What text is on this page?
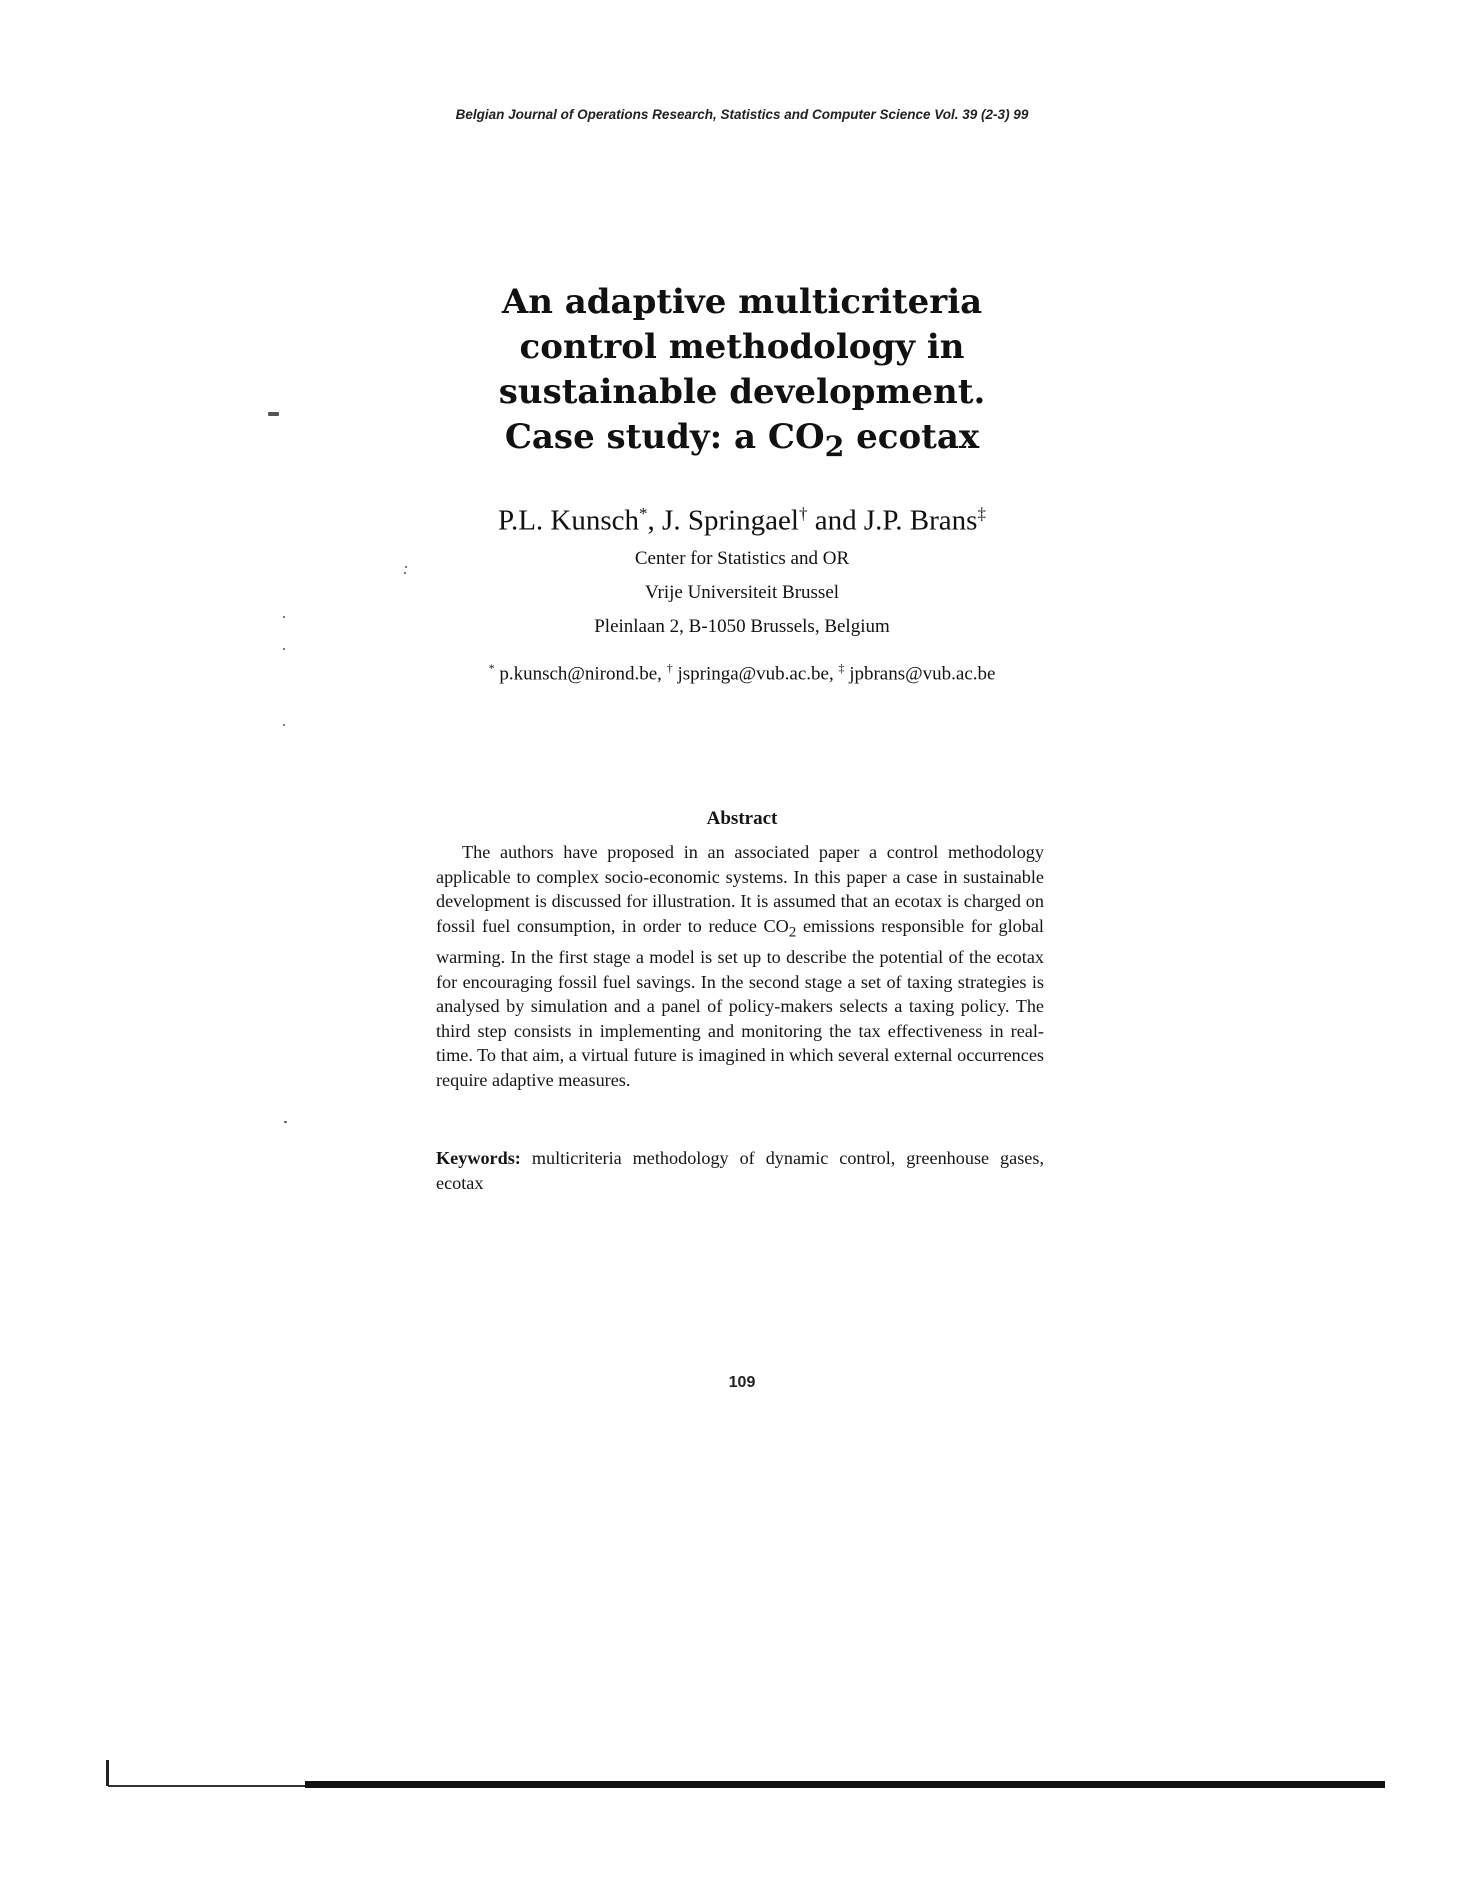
Belgian Journal of Operations Research, Statistics and Computer Science Vol. 39 (2-3) 99
An adaptive multicriteria
control methodology in
sustainable development.
Case study: a $CO_2$ ecotax
P.L. Kunsch*, J. Springael† and J.P. Brans‡
Center for Statistics and OR
Vrije Universiteit Brussel
Pleinlaan 2, B-1050 Brussels, Belgium
* p.kunsch@nirond.be, † jspringa@vub.ac.be, ‡ jpbrans@vub.ac.be
Abstract

The authors have proposed in an associated paper a control methodology applicable to complex socio-economic systems. In this paper a case in sustainable development is discussed for illustration. It is assumed that an ecotax is charged on fossil fuel consumption, in order to reduce $CO_2$ emissions responsible for global warming. In the first stage a model is set up to describe the potential of the ecotax for encouraging fossil fuel savings. In the second stage a set of taxing strategies is analysed by simulation and a panel of policy-makers selects a taxing policy. The third step consists in implementing and monitoring the tax effectiveness in real-time. To that aim, a virtual future is imagined in which several external occurrences require adaptive measures.

Keywords: multicriteria methodology of dynamic control, greenhouse gases, ecotax

109
